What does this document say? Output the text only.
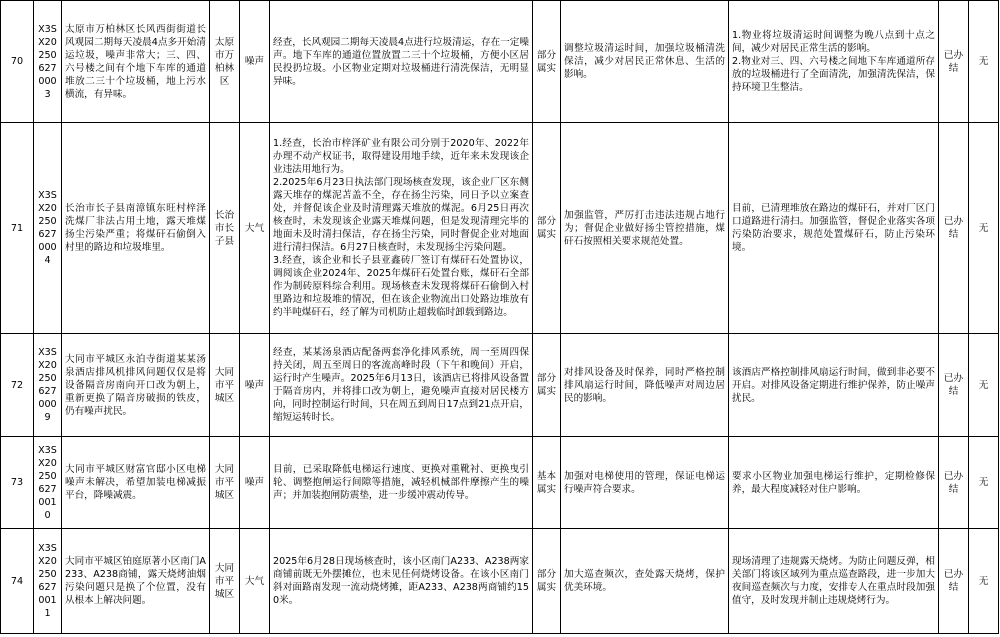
70	X3SX202506270003	太原市万柏林区长风西街街道长风观园二期每天凌晨4点多开始清运垃圾，噪声非常大；三、四、六号楼之间有个地下车库的通道堆放二三十个垃圾桶，地上污水横流，有异味。	太原市万柏林区	噪声	经查，长风观园二期每天凌晨4点进行垃圾清运，存在一定噪声。地下车库的通道位置放置二三十个垃圾桶，方便小区居民投扔垃圾。小区物业定期对垃圾桶进行清洗保洁，无明显异味。	部分属实	调整垃圾清运时间，加强垃圾桶清洗保洁，减少对居民正常休息、生活的影响。	1.物业将垃圾清运时间调整为晚八点到十点之间，减少对居民正常生活的影响。
2.物业对三、四、六号楼之间地下车库通道所存放的垃圾桶进行了全面清洗，加强清洗保洁，保持环境卫生整洁。	已办结	无
71	X3SX202506270004	长治市长子县南漳镇东旺村梓泽洗煤厂非法占用土地，露天堆煤扬尘污染严重；将煤矸石偷倒入村里的路边和垃圾堆里。	长治市长子县	大气	1.经查，长治市梓泽矿业有限公司分别于2020年、2022年办理不动产权证书，取得建设用地手续，近年来未发现该企业违法用地行为。
2.2025年6月23日执法部门现场核查发现，该企业厂区东侧露天堆存的煤泥苫盖不全，存在扬尘污染，同日予以立案查处，并督促该企业及时清理露天堆放的煤泥。6月25日再次核查时，未发现该企业露天堆煤问题，但是发现清理完毕的地面未及时清扫保洁，存在扬尘污染，同时督促企业对地面进行清扫保洁。6月27日核查时，未发现扬尘污染问题。
3.经查，该企业和长子县亚鑫砖厂签订有煤矸石处置协议，调阅该企业2024年、2025年煤矸石处置台账，煤矸石全部作为制砖原料综合利用。现场核查未发现将煤矸石偷倒入村里路边和垃圾堆的情况，但在该企业物流出口处路边堆放有约半吨煤矸石，经了解为司机防止超载临时卸载到路边。	部分属实	加强监管，严厉打击违法违规占地行为；督促企业做好扬尘管控措施，煤矸石按照相关要求规范处置。	目前，已清理堆放在路边的煤矸石，并对厂区门口道路进行清扫。加强监管，督促企业落实各项污染防治要求，规范处置煤矸石，防止污染环境。	已办结	无
72	X3SX202506270009	大同市平城区永泊寺街道某某汤泉酒店排风机排风问题仅仅是将设备隔音房南向开口改为朝上，重新更换了隔音房破损的铁皮，仍有噪声扰民。	大同市平城区	噪声	经查，某某汤泉酒店配备两套净化排风系统，周一至周四保持关闭，周五至周日的客流高峰时段（下午和晚间）开启，运行时产生噪声。2025年6月13日，该酒店已将排风设备置于隔音房内，并将排口改为朝上，避免噪声直接对居民楼方向，同时控制运行时间，只在周五到周日17点到21点开启，缩短运转时长。	部分属实	对排风设备及时保养，同时严格控制排风扇运行时间，降低噪声对周边居民的影响。	该酒店严格控制排风扇运行时间，做到非必要不开启。对排风设备定期进行维护保养，防止噪声扰民。	已办结	无
73	X3SX202506270010	大同市平城区财富官邸小区电梯噪声未解决，希望加装电梯减振平台，降噪减震。	大同市平城区	噪声	目前，已采取降低电梯运行速度、更换对重靴衬、更换曳引轮、调整抱闸运行间隙等措施，减轻机械部件摩擦产生的噪声；并加装抱闸防震垫，进一步缓冲震动传导。	基本属实	加强对电梯使用的管理，保证电梯运行噪声符合要求。	要求小区物业加强电梯运行维护，定期检修保养，最大程度减轻对住户影响。	已办结	无
74	X3SX202506270011	大同市平城区铂庭原著小区南门A233、A238商铺，露天烧烤油烟污染问题只是换了个位置，没有从根本上解决问题。	大同市平城区	大气	2025年6月28日现场核查时，该小区南门A233、A238两家商铺前既无外摆摊位，也未见任何烧烤设备。在该小区南门斜对面路南发现一流动烧烤摊，距A233、A238两商铺约150米。	部分属实	加大巡查频次，查处露天烧烤，保护优美环境。	现场清理了违规露天烧烤。为防止问题反弹，相关部门将该区域列为重点巡查路段，进一步加大夜间巡查频次与力度，安排专人在重点时段加强值守，及时发现并制止违规烧烤行为。	已办结	无
